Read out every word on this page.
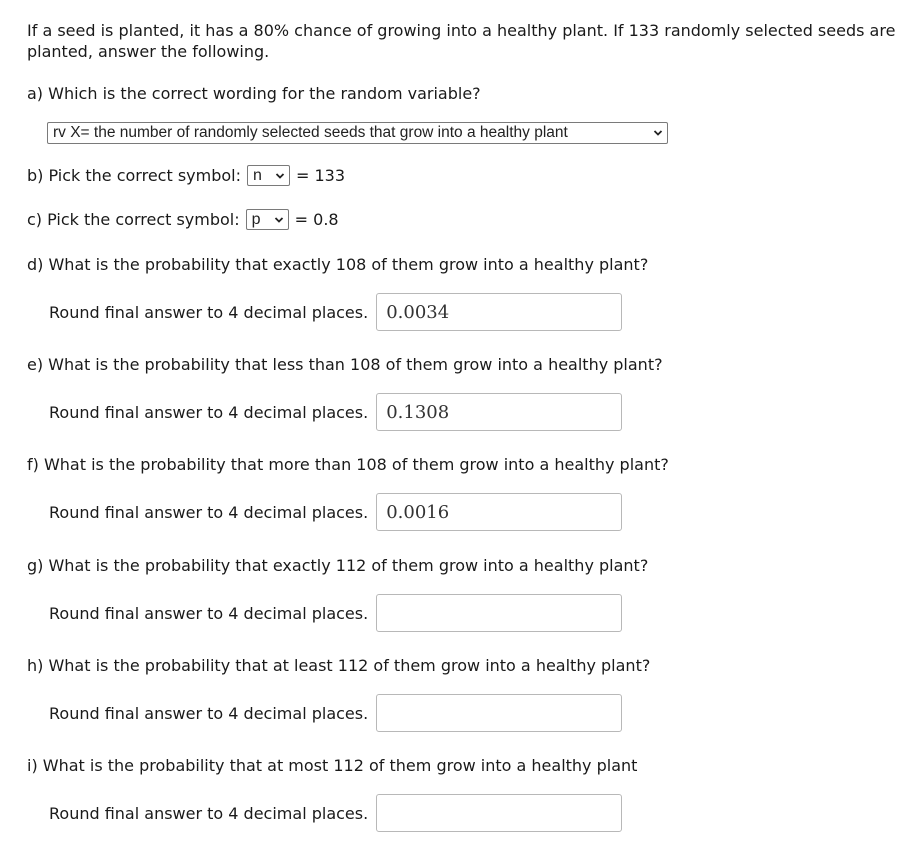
If a seed is planted, it has a 80% chance of growing into a healthy plant. If 133 randomly selected seeds are planted, answer the following.
a) Which is the correct wording for the random variable?
rv X= the number of randomly selected seeds that grow into a healthy plant
b) Pick the correct symbol: n = 133
c) Pick the correct symbol: p = 0.8
d) What is the probability that exactly 108 of them grow into a healthy plant?
Round final answer to 4 decimal places.	0.0034
e) What is the probability that less than 108 of them grow into a healthy plant?
Round final answer to 4 decimal places.	0.1308
f) What is the probability that more than 108 of them grow into a healthy plant?
Round final answer to 4 decimal places.	0.0016
g) What is the probability that exactly 112 of them grow into a healthy plant?
Round final answer to 4 decimal places.
h) What is the probability that at least 112 of them grow into a healthy plant?
Round final answer to 4 decimal places.
i) What is the probability that at most 112 of them grow into a healthy plant
Round final answer to 4 decimal places.
